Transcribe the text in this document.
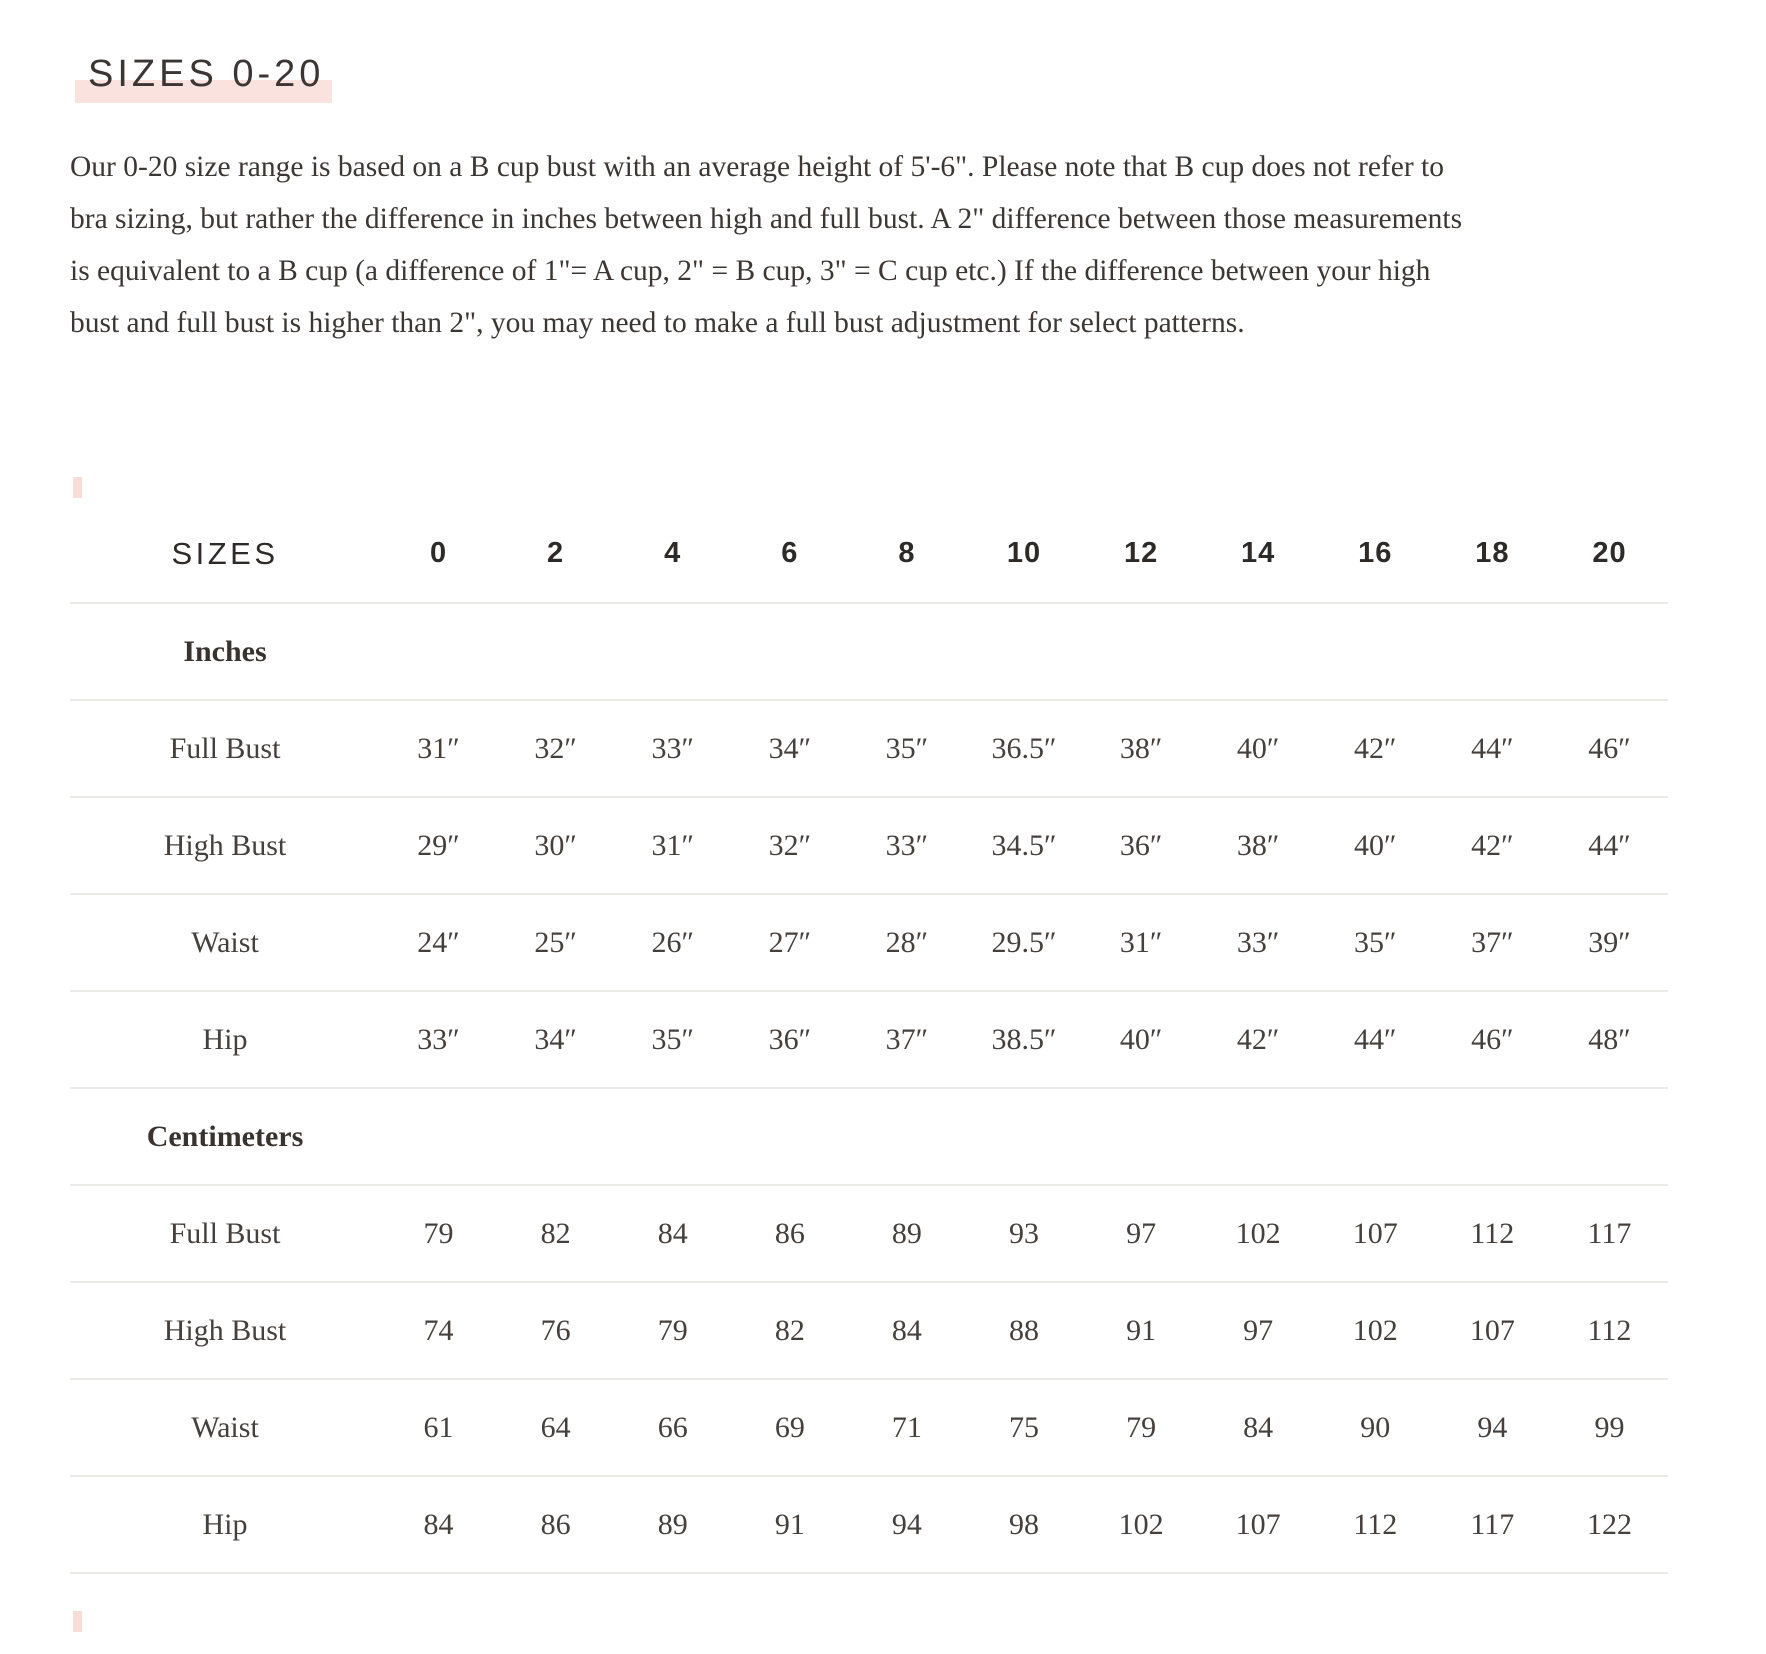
SIZES 0-20

Our 0-20 size range is based on a B cup bust with an average height of 5'-6". Please note that B cup does not refer to bra sizing, but rather the difference in inches between high and full bust. A 2" difference between those measurements is equivalent to a B cup (a difference of 1"= A cup, 2" = B cup, 3" = C cup etc.) If the difference between your high bust and full bust is higher than 2", you may need to make a full bust adjustment for select patterns.

SIZES	0	2	4	6	8	10	12	14	16	18	20
Inches
Full Bust	31″	32″	33″	34″	35″	36.5″	38″	40″	42″	44″	46″
High Bust	29″	30″	31″	32″	33″	34.5″	36″	38″	40″	42″	44″
Waist	24″	25″	26″	27″	28″	29.5″	31″	33″	35″	37″	39″
Hip	33″	34″	35″	36″	37″	38.5″	40″	42″	44″	46″	48″
Centimeters
Full Bust	79	82	84	86	89	93	97	102	107	112	117
High Bust	74	76	79	82	84	88	91	97	102	107	112
Waist	61	64	66	69	71	75	79	84	90	94	99
Hip	84	86	89	91	94	98	102	107	112	117	122
